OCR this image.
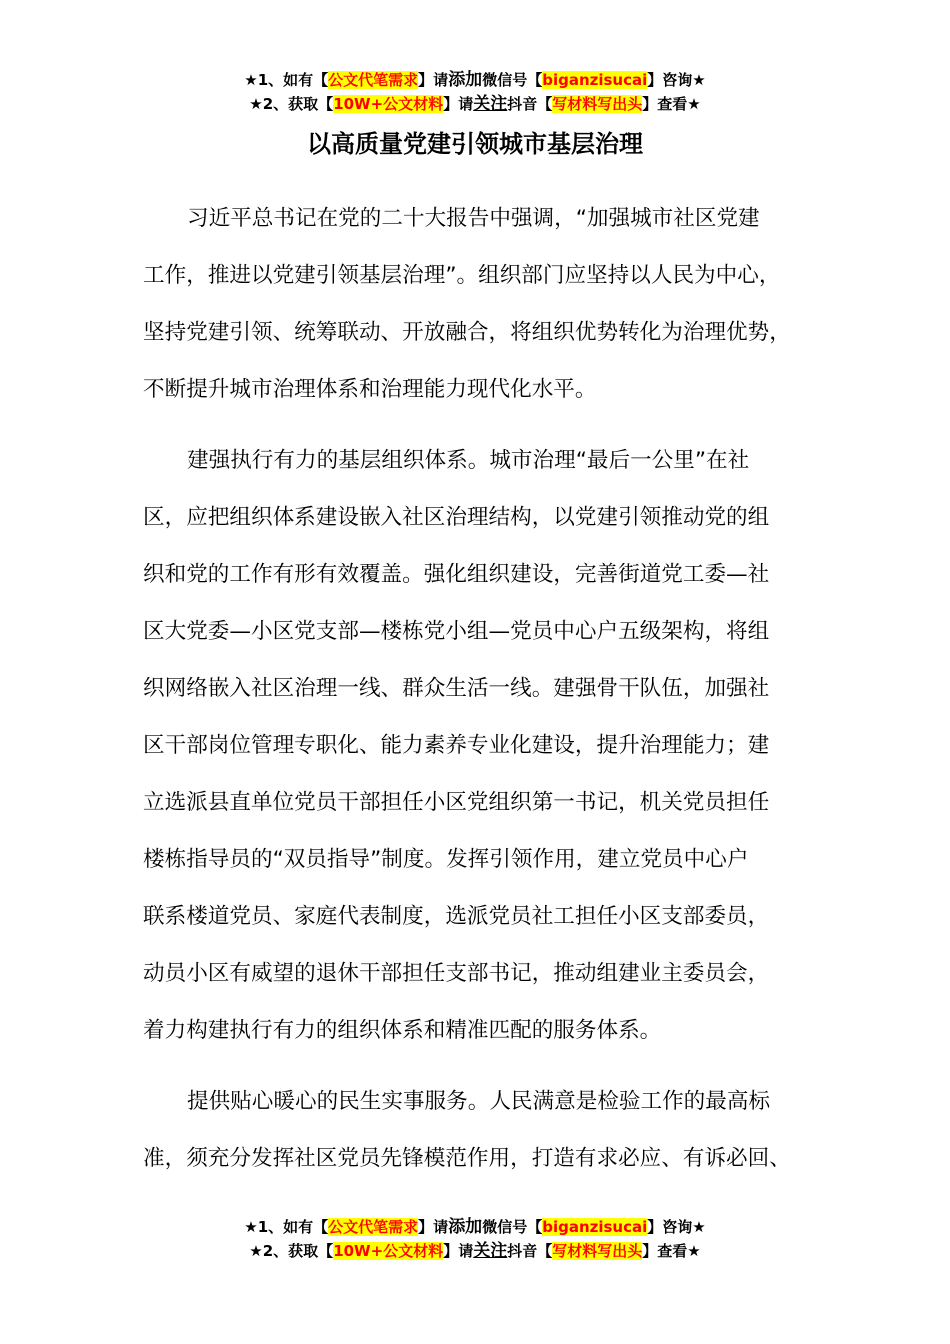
★1、如有【公文代笔需求】请添加微信号【biganzisucai】咨询★
★2、获取【10W+公文材料】请关注抖音【写材料写出头】查看★
以高质量党建引领城市基层治理
习近平总书记在党的二十大报告中强调，“加强城市社区党建
工作，推进以党建引领基层治理”。组织部门应坚持以人民为中心，
坚持党建引领、统筹联动、开放融合，将组织优势转化为治理优势，
不断提升城市治理体系和治理能力现代化水平。
建强执行有力的基层组织体系。城市治理“最后一公里”在社
区，应把组织体系建设嵌入社区治理结构，以党建引领推动党的组
织和党的工作有形有效覆盖。强化组织建设，完善街道党工委—社
区大党委—小区党支部—楼栋党小组—党员中心户五级架构，将组
织网络嵌入社区治理一线、群众生活一线。建强骨干队伍，加强社
区干部岗位管理专职化、能力素养专业化建设，提升治理能力；建
立选派县直单位党员干部担任小区党组织第一书记，机关党员担任
楼栋指导员的“双员指导”制度。发挥引领作用，建立党员中心户
联系楼道党员、家庭代表制度，选派党员社工担任小区支部委员，
动员小区有威望的退休干部担任支部书记，推动组建业主委员会，
着力构建执行有力的组织体系和精准匹配的服务体系。
提供贴心暖心的民生实事服务。人民满意是检验工作的最高标
准，须充分发挥社区党员先锋模范作用，打造有求必应、有诉必回、
★1、如有【公文代笔需求】请添加微信号【biganzisucai】咨询★
★2、获取【10W+公文材料】请关注抖音【写材料写出头】查看★
